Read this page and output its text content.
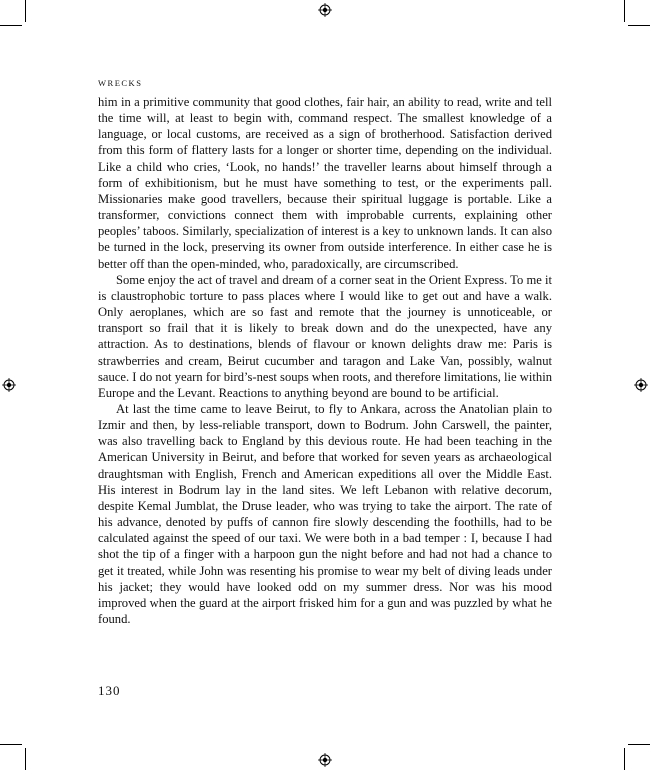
WRECKS

him in a primitive community that good clothes, fair hair, an ability to read, write and tell the time will, at least to begin with, command respect. The smallest knowledge of a language, or local customs, are received as a sign of brotherhood. Satisfaction derived from this form of flattery lasts for a longer or shorter time, depending on the individual. Like a child who cries, ‘Look, no hands!’ the traveller learns about himself through a form of exhibitionism, but he must have something to test, or the experiments pall. Missionaries make good travellers, because their spiritual luggage is portable. Like a transformer, convictions connect them with improbable currents, explaining other peoples’ taboos. Similarly, specialization of interest is a key to unknown lands. It can also be turned in the lock, preserving its owner from outside interference. In either case he is better off than the open-minded, who, paradoxically, are circumscribed.

Some enjoy the act of travel and dream of a corner seat in the Orient Express. To me it is claustrophobic torture to pass places where I would like to get out and have a walk. Only aeroplanes, which are so fast and remote that the journey is unnoticeable, or transport so frail that it is likely to break down and do the unexpected, have any attraction. As to destinations, blends of flavour or known delights draw me: Paris is strawberries and cream, Beirut cucumber and taragon and Lake Van, possibly, walnut sauce. I do not yearn for bird’s-nest soups when roots, and therefore limitations, lie within Europe and the Levant. Reactions to anything beyond are bound to be artificial.

At last the time came to leave Beirut, to fly to Ankara, across the Anatolian plain to Izmir and then, by less-reliable transport, down to Bodrum. John Carswell, the painter, was also travelling back to England by this devious route. He had been teaching in the American University in Beirut, and before that worked for seven years as archaeological draughtsman with English, French and American expeditions all over the Middle East. His interest in Bodrum lay in the land sites. We left Lebanon with relative decorum, despite Kemal Jumblat, the Druse leader, who was trying to take the airport. The rate of his advance, denoted by puffs of cannon fire slowly descending the foothills, had to be calculated against the speed of our taxi. We were both in a bad temper : I, because I had shot the tip of a finger with a harpoon gun the night before and had not had a chance to get it treated, while John was resenting his promise to wear my belt of diving leads under his jacket; they would have looked odd on my summer dress. Nor was his mood improved when the guard at the airport frisked him for a gun and was puzzled by what he found.

130
